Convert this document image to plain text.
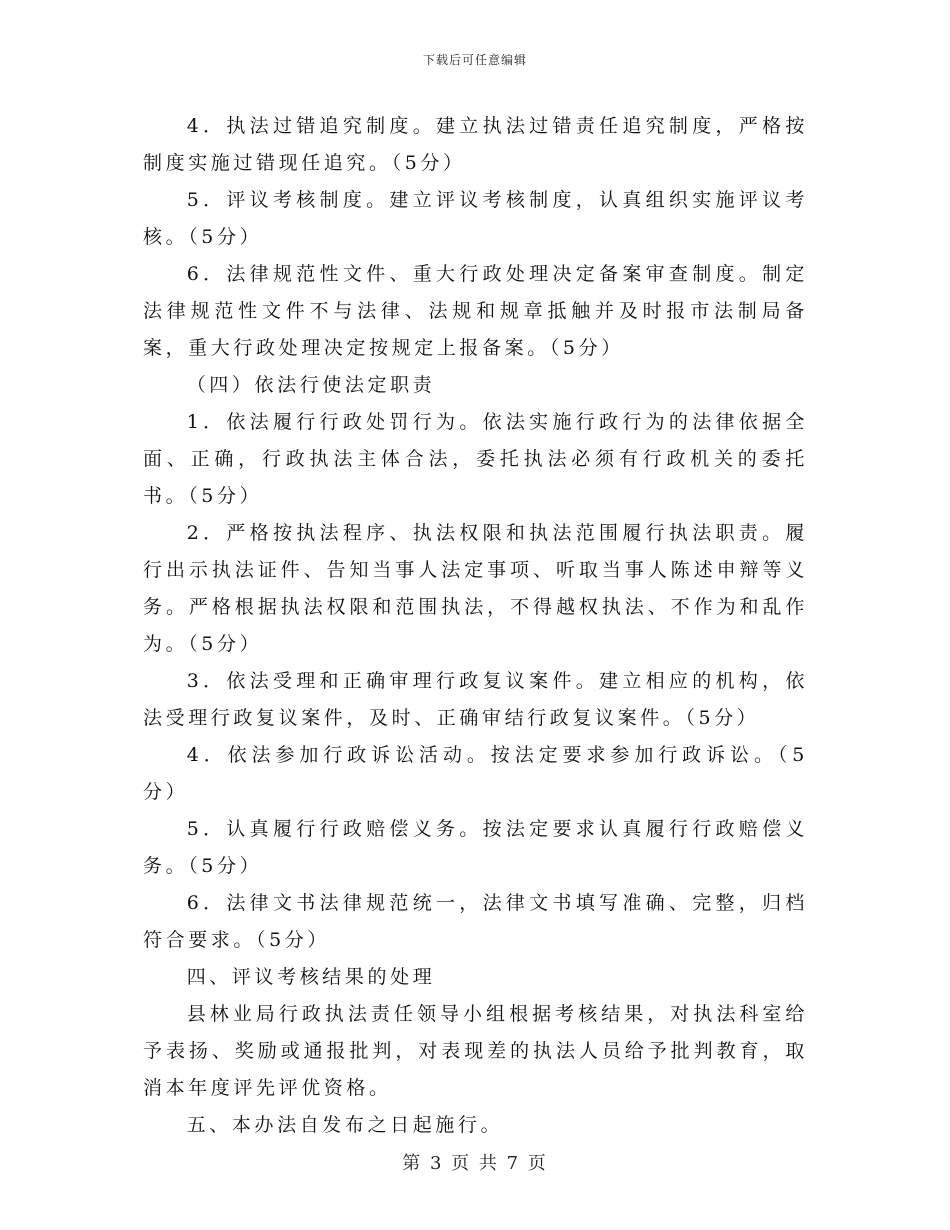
下载后可任意编辑

4．执法过错追究制度。建立执法过错责任追究制度，严格按制度实施过错现任追究。（5分）

5．评议考核制度。建立评议考核制度，认真组织实施评议考核。（5分）

6．法律规范性文件、重大行政处理决定备案审查制度。制定法律规范性文件不与法律、法规和规章抵触并及时报市法制局备案，重大行政处理决定按规定上报备案。（5分）

（四）依法行使法定职责

1．依法履行行政处罚行为。依法实施行政行为的法律依据全面、正确，行政执法主体合法，委托执法必须有行政机关的委托书。（5分）

2．严格按执法程序、执法权限和执法范围履行执法职责。履行出示执法证件、告知当事人法定事项、听取当事人陈述申辩等义务。严格根据执法权限和范围执法，不得越权执法、不作为和乱作为。（5分）

3．依法受理和正确审理行政复议案件。建立相应的机构，依法受理行政复议案件，及时、正确审结行政复议案件。（5分）

4．依法参加行政诉讼活动。按法定要求参加行政诉讼。（5分）

5．认真履行行政赔偿义务。按法定要求认真履行行政赔偿义务。（5分）

6．法律文书法律规范统一，法律文书填写准确、完整，归档符合要求。（5分）

四、评议考核结果的处理

县林业局行政执法责任领导小组根据考核结果，对执法科室给予表扬、奖励或通报批判，对表现差的执法人员给予批判教育，取消本年度评先评优资格。

五、本办法自发布之日起施行。

第 3 页 共 7 页
